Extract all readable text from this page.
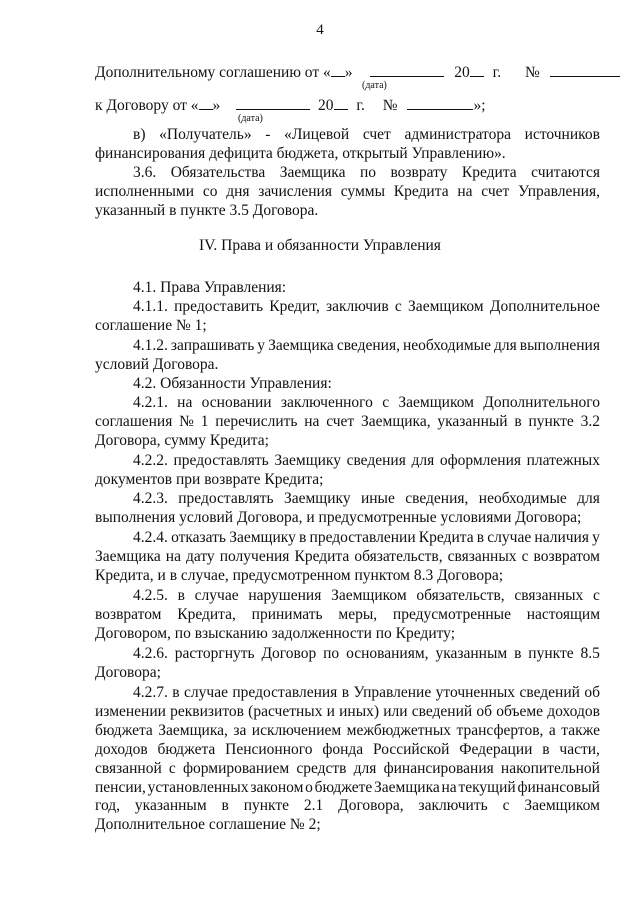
4
Дополнительному соглашению от « »	20 г. №
(дата)
к Договору от « »	20 г. №	»;
(дата)
в) «Получатель» - «Лицевой счет администратора источников
финансирования дефицита бюджета, открытый Управлению».
3.6. Обязательства Заемщика по возврату Кредита считаются
исполненными со дня зачисления суммы Кредита на счет Управления,
указанный в пункте 3.5 Договора.
IV. Права и обязанности Управления
4.1. Права Управления:
4.1.1. предоставить Кредит, заключив с Заемщиком Дополнительное
соглашение № 1;
4.1.2. запрашивать у Заемщика сведения, необходимые для выполнения
условий Договора.
4.2. Обязанности Управления:
4.2.1. на основании заключенного с Заемщиком Дополнительного
соглашения № 1 перечислить на счет Заемщика, указанный в пункте 3.2
Договора, сумму Кредита;
4.2.2. предоставлять Заемщику сведения для оформления платежных
документов при возврате Кредита;
4.2.3. предоставлять Заемщику иные сведения, необходимые для
выполнения условий Договора, и предусмотренные условиями Договора;
4.2.4. отказать Заемщику в предоставлении Кредита в случае наличия у
Заемщика на дату получения Кредита обязательств, связанных с возвратом
Кредита, и в случае, предусмотренном пунктом 8.3 Договора;
4.2.5. в случае нарушения Заемщиком обязательств, связанных с
возвратом Кредита, принимать меры, предусмотренные настоящим
Договором, по взысканию задолженности по Кредиту;
4.2.6. расторгнуть Договор по основаниям, указанным в пункте 8.5
Договора;
4.2.7. в случае предоставления в Управление уточненных сведений об
изменении реквизитов (расчетных и иных) или сведений об объеме доходов
бюджета Заемщика, за исключением межбюджетных трансфертов, а также
доходов бюджета Пенсионного фонда Российской Федерации в части,
связанной с формированием средств для финансирования накопительной
пенсии, установленных законом о бюджете Заемщика на текущий финансовый
год, указанным в пункте 2.1 Договора, заключить с Заемщиком
Дополнительное соглашение № 2;
